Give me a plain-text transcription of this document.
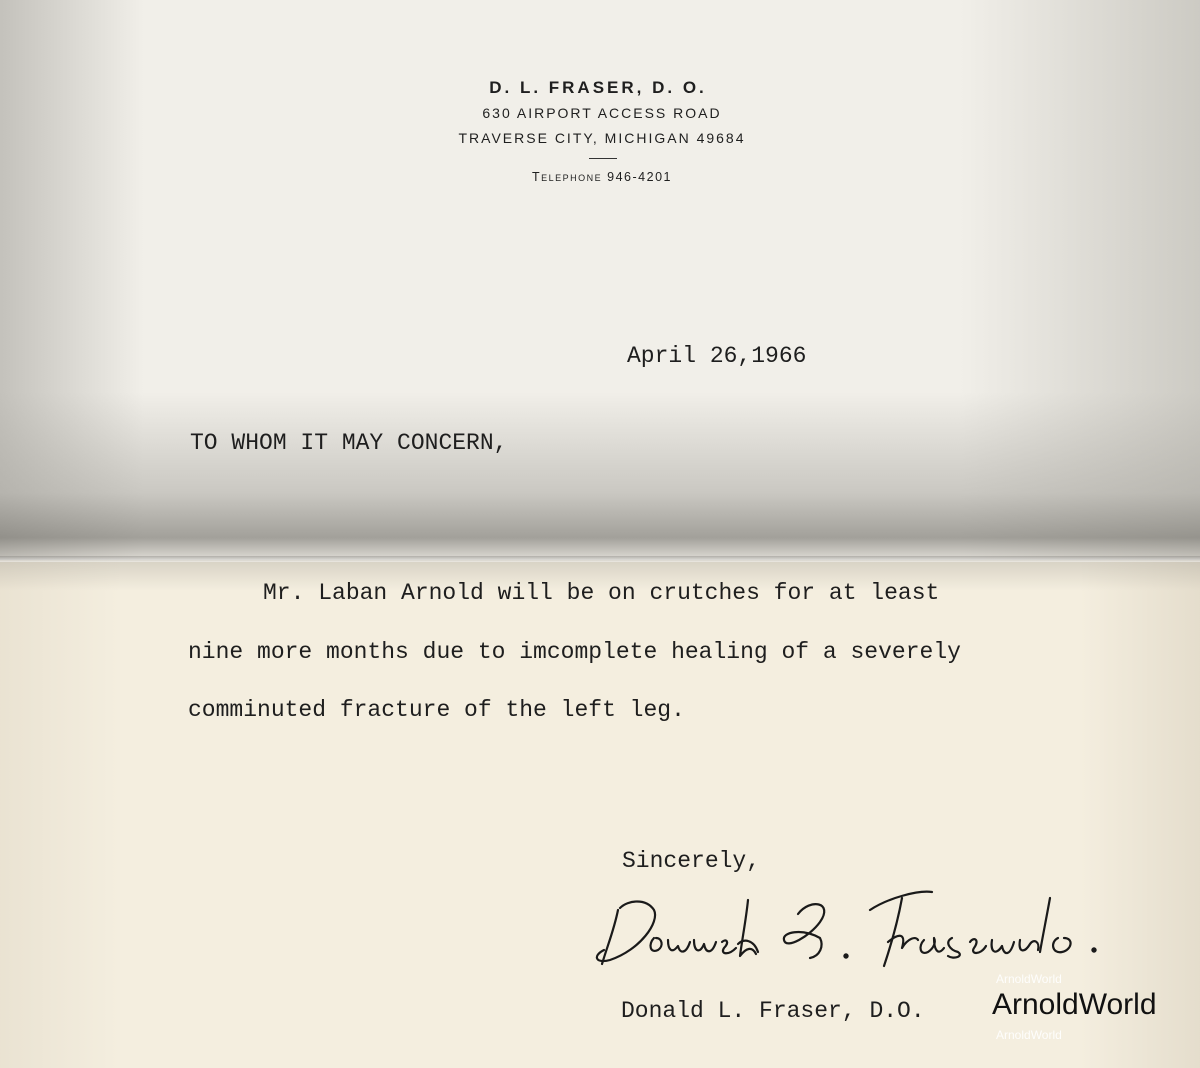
D. L. FRASER, D. O.
630 AIRPORT ACCESS ROAD
TRAVERSE CITY, MICHIGAN 49684
Telephone 946-4201
April 26,1966
TO WHOM IT MAY CONCERN,
Mr. Laban Arnold will be on crutches for at least
nine more months due to imcomplete healing of a severely
comminuted fracture of the left leg.
Sincerely,
Donald L. Fraser, D.O.
ArnoldWorld
ArnoldWorld
ArnoldWorld
